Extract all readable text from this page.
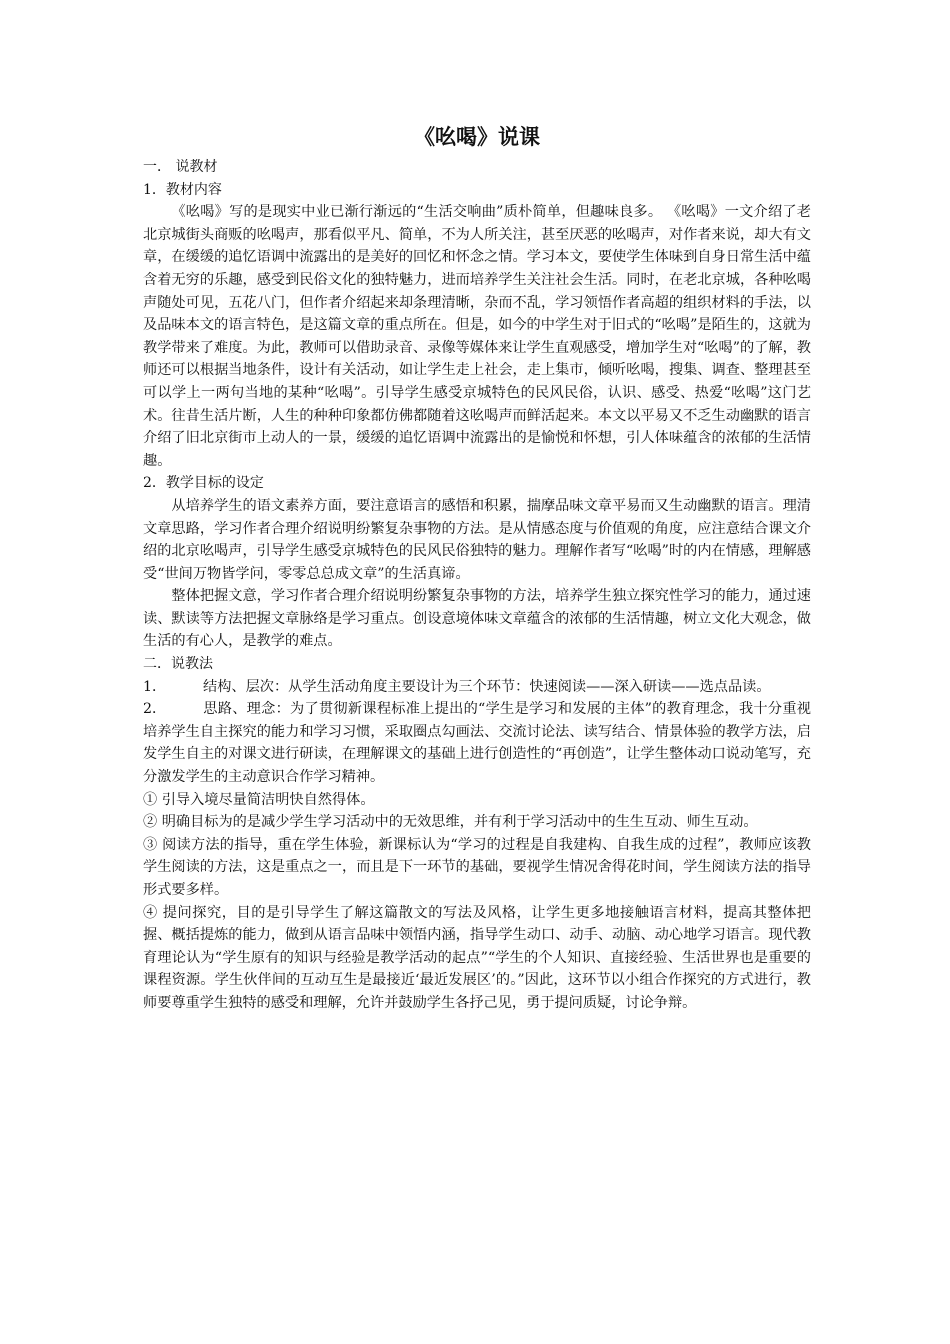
《吆喝》说课
一． 说教材
1．教材内容

《吆喝》写的是现实中业已渐行渐远的“生活交响曲”质朴简单，但趣味良多。 《吆喝》一文介绍了老北京城街头商贩的吆喝声，那看似平凡、简单，不为人所关注，甚至厌恶的吆喝声，对作者来说，却大有文章，在缓缓的追忆语调中流露出的是美好的回忆和怀念之情。学习本文，要使学生体味到自身日常生活中蕴含着无穷的乐趣，感受到民俗文化的独特魅力，进而培养学生关注社会生活。同时，在老北京城，各种吆喝声随处可见，五花八门，但作者介绍起来却条理清晰，杂而不乱，学习领悟作者高超的组织材料的手法，以及品味本文的语言特色，是这篇文章的重点所在。但是，如今的中学生对于旧式的“吆喝”是陌生的，这就为教学带来了难度。为此，教师可以借助录音、录像等媒体来让学生直观感受，增加学生对“吆喝”的了解，教师还可以根据当地条件，设计有关活动，如让学生走上社会，走上集市，倾听吆喝，搜集、调查、整理甚至可以学上一两句当地的某种“吆喝”。引导学生感受京城特色的民风民俗，认识、感受、热爱“吆喝”这门艺术。往昔生活片断，人生的种种印象都仿佛都随着这吆喝声而鲜活起来。本文以平易又不乏生动幽默的语言介绍了旧北京街市上动人的一景，缓缓的追忆语调中流露出的是愉悦和怀想，引人体味蕴含的浓郁的生活情趣。

2．教学目标的设定

从培养学生的语文素养方面，要注意语言的感悟和积累，揣摩品味文章平易而又生动幽默的语言。理清文章思路，学习作者合理介绍说明纷繁复杂事物的方法。是从情感态度与价值观的角度，应注意结合课文介绍的北京吆喝声，引导学生感受京城特色的民风民俗独特的魅力。理解作者写“吆喝”时的内在情感，理解感受“世间万物皆学问，零零总总成文章”的生活真谛。

整体把握文意，学习作者合理介绍说明纷繁复杂事物的方法，培养学生独立探究性学习的能力，通过速读、默读等方法把握文章脉络是学习重点。创设意境体味文章蕴含的浓郁的生活情趣，树立文化大观念，做生活的有心人，是教学的难点。

二．说教法

1．	结构、层次：从学生活动角度主要设计为三个环节：快速阅读——深入研读——选点品读。

2．	思路、理念：为了贯彻新课程标准上提出的“学生是学习和发展的主体”的教育理念，我十分重视培养学生自主探究的能力和学习习惯，采取圈点勾画法、交流讨论法、读写结合、情景体验的教学方法，启发学生自主的对课文进行研读，在理解课文的基础上进行创造性的“再创造”，让学生整体动口说动笔写，充分激发学生的主动意识合作学习精神。

① 引导入境尽量简洁明快自然得体。

② 明确目标为的是减少学生学习活动中的无效思维，并有利于学习活动中的生生互动、师生互动。

③ 阅读方法的指导，重在学生体验，新课标认为“学习的过程是自我建构、自我生成的过程”，教师应该教学生阅读的方法，这是重点之一，而且是下一环节的基础，要视学生情况舍得花时间，学生阅读方法的指导形式要多样。

④ 提问探究，目的是引导学生了解这篇散文的写法及风格，让学生更多地接触语言材料，提高其整体把握、概括提炼的能力，做到从语言品味中领悟内涵，指导学生动口、动手、动脑、动心地学习语言。现代教育理论认为“学生原有的知识与经验是教学活动的起点”“学生的个人知识、直接经验、生活世界也是重要的课程资源。学生伙伴间的互动互生是最接近‘最近发展区’的。”因此，这环节以小组合作探究的方式进行，教师要尊重学生独特的感受和理解，允许并鼓励学生各抒己见，勇于提问质疑，讨论争辩。
